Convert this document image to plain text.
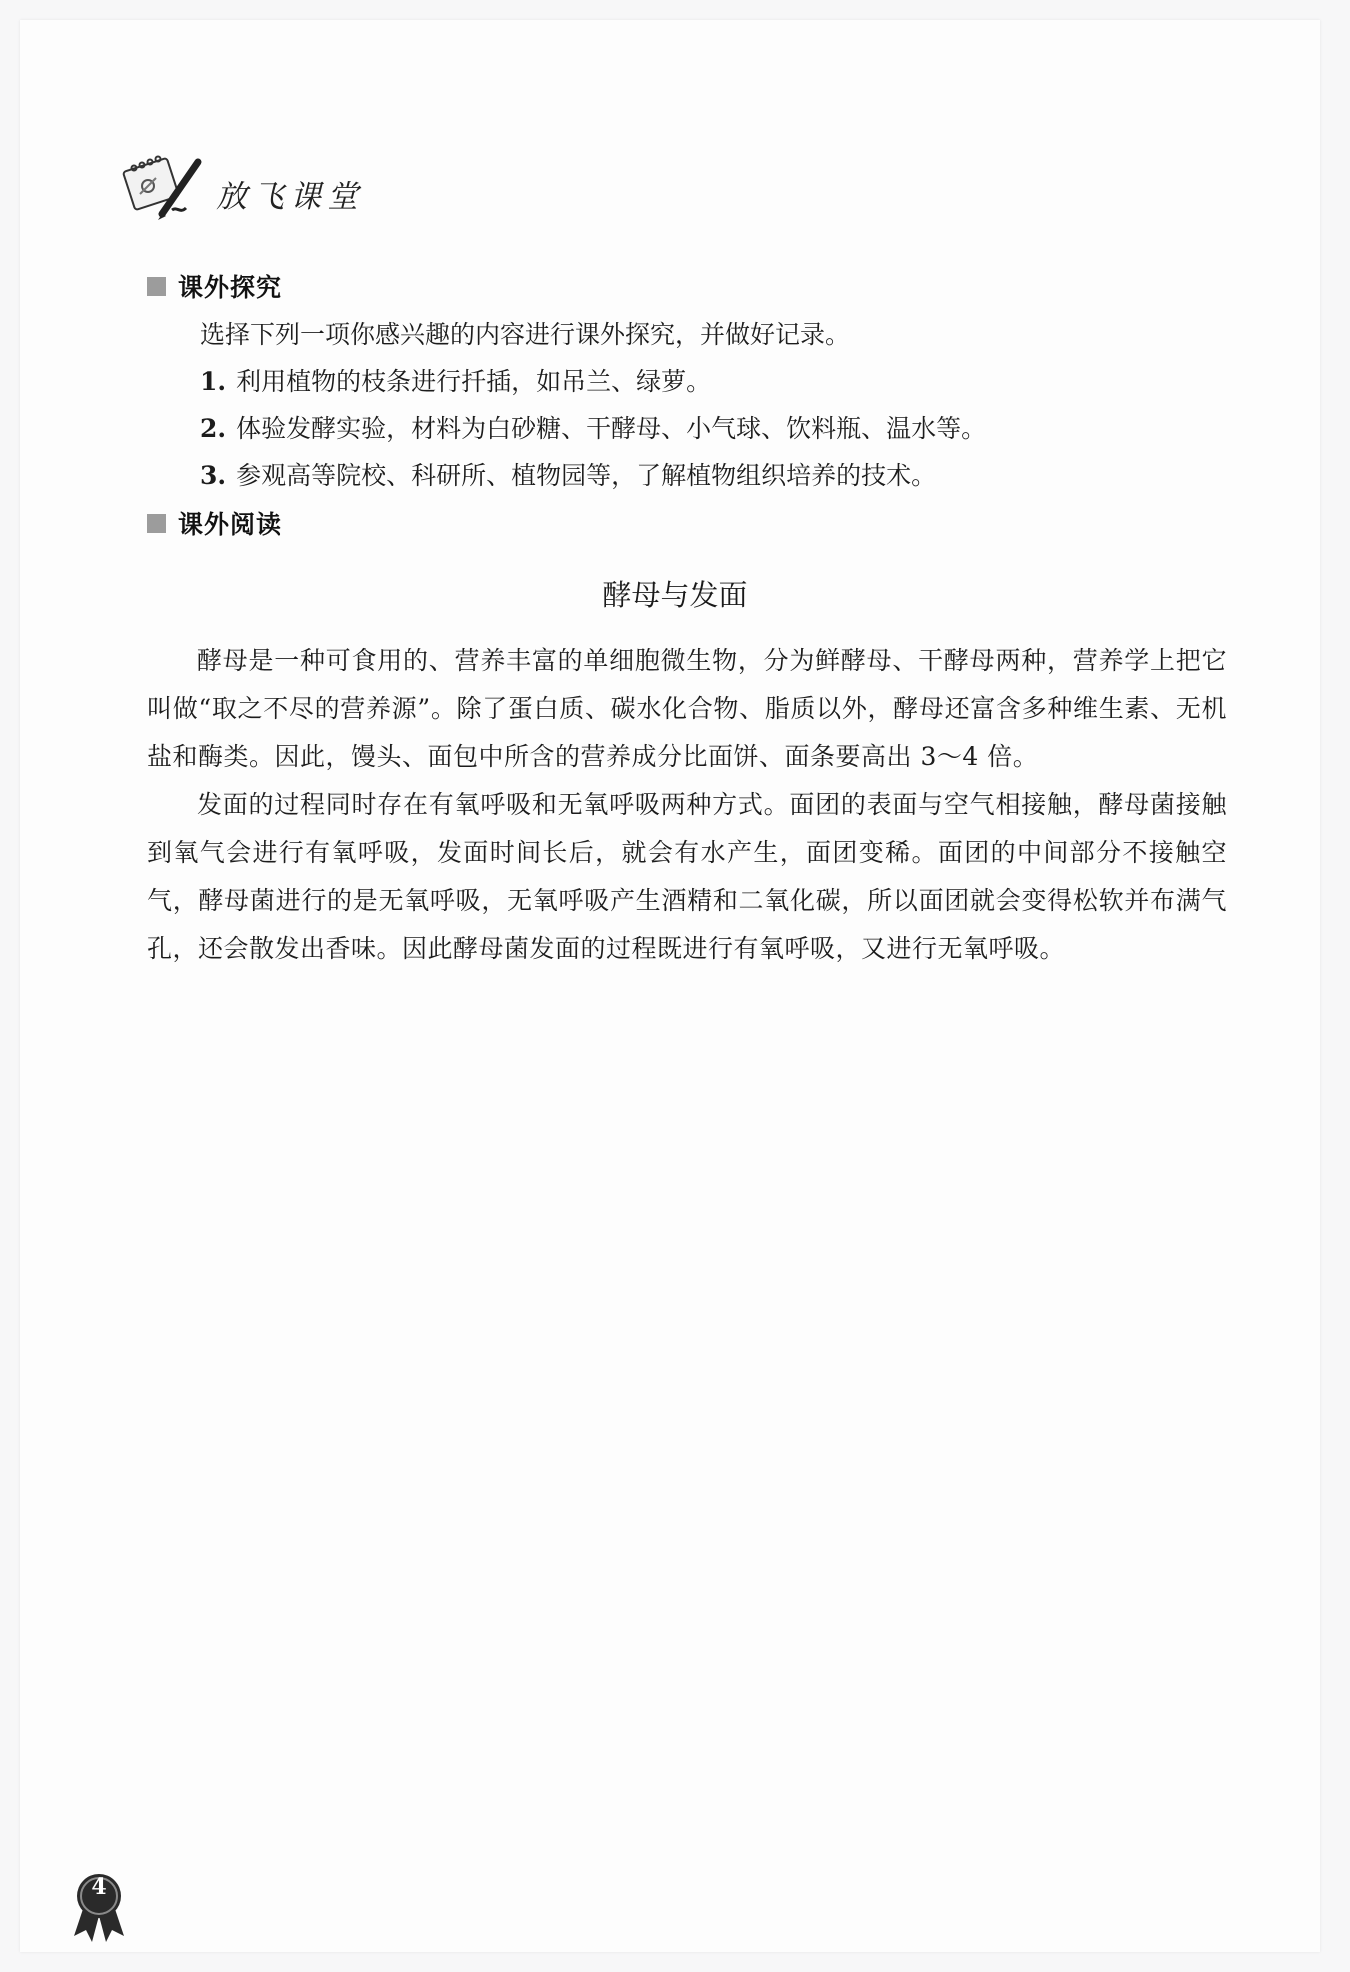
放飞课堂
课外探究
选择下列一项你感兴趣的内容进行课外探究，并做好记录。
1. 利用植物的枝条进行扦插，如吊兰、绿萝。
2. 体验发酵实验，材料为白砂糖、干酵母、小气球、饮料瓶、温水等。
3. 参观高等院校、科研所、植物园等，了解植物组织培养的技术。
课外阅读
酵母与发面

酵母是一种可食用的、营养丰富的单细胞微生物，分为鲜酵母、干酵母两种，营养学上把它叫做“取之不尽的营养源”。除了蛋白质、碳水化合物、脂质以外，酵母还富含多种维生素、无机盐和酶类。因此，馒头、面包中所含的营养成分比面饼、面条要高出 3～4 倍。

发面的过程同时存在有氧呼吸和无氧呼吸两种方式。面团的表面与空气相接触，酵母菌接触到氧气会进行有氧呼吸，发面时间长后，就会有水产生，面团变稀。面团的中间部分不接触空气，酵母菌进行的是无氧呼吸，无氧呼吸产生酒精和二氧化碳，所以面团就会变得松软并布满气孔，还会散发出香味。因此酵母菌发面的过程既进行有氧呼吸，又进行无氧呼吸。

4
